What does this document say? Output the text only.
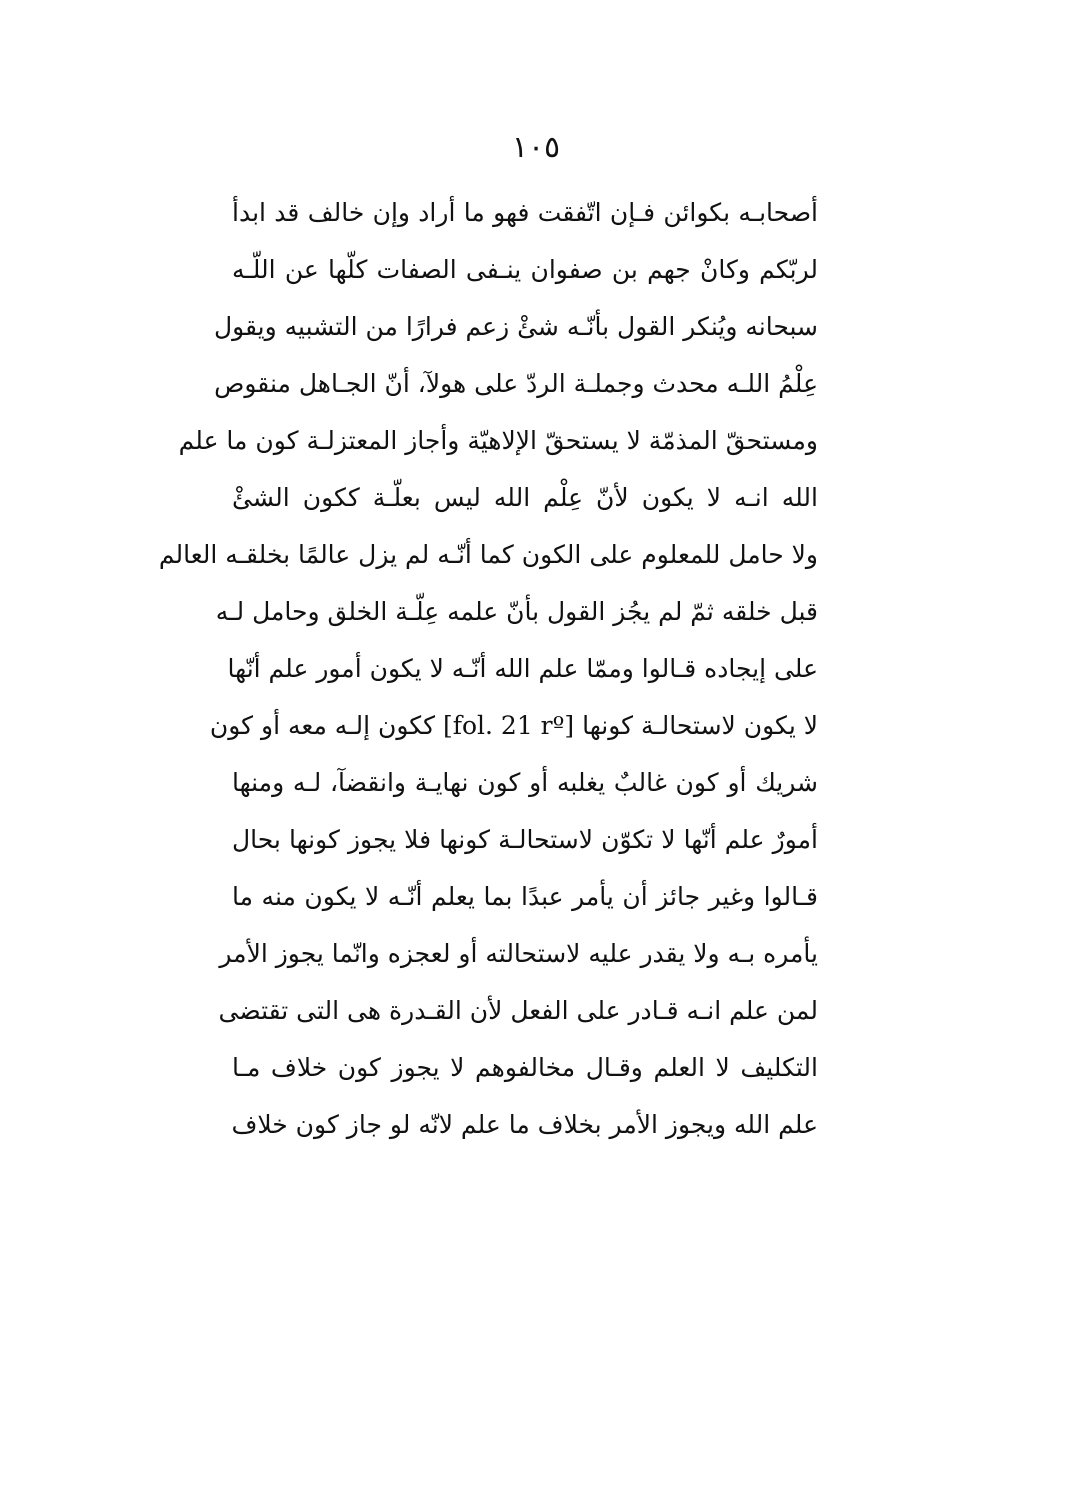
١٠٥
أصحابـه بكوائن فـإن اتّفقت فهو ما أراد وإن خالف قد ابدأ
لربّكم وكانْ جهم بن صفوان ينـفى الصفات كلّها عن اللّـه
سبحانه ويُنكر القول بأنّـه شئْ زعم فرارًا من التشبيه ويقول
عِلْمُ اللـه محدث وجملـة الردّ على هولآ، أنّ الجـاهل منقوص
ومستحقّ المذمّة لا يستحقّ الإلاهيّة وأجاز المعتزلـة كون ما علم
الله انـه لا يكون لأنّ عِلْم الله ليس بعلّـة ككون الشئْ
ولا حامل للمعلوم على الكون كما أنّـه لم يزل عالمًا بخلقـه العالم
قبل خلقه ثمّ لم يجُز القول بأنّ علمه عِلّـة الخلق وحامل لـه
على إيجاده قـالوا وممّا علم الله أنّـه لا يكون أمور علم أنّها
لا يكون لاستحالـة كونها [fol. 21 rº] ككون إلـه معه أو كون
شريك أو كون غالبٌ يغلبه أو كون نهايـة وانقضآ، لـه ومنها
أمورٌ علم أنّها لا تكوّن لاستحالـة كونها فلا يجوز كونها بحال
قـالوا وغير جائز أن يأمر عبدًا بما يعلم أنّـه لا يكون منه ما
يأمره بـه ولا يقدر عليه لاستحالته أو لعجزه وانّما يجوز الأمر
لمن علم انـه قـادر على الفعل لأن القـدرة هى التى تقتضى
التكليف لا العلم وقـال مخالفوهم لا يجوز كون خلاف مـا
علم الله ويجوز الأمر بخلاف ما علم لانّه لو جاز كون خلاف
